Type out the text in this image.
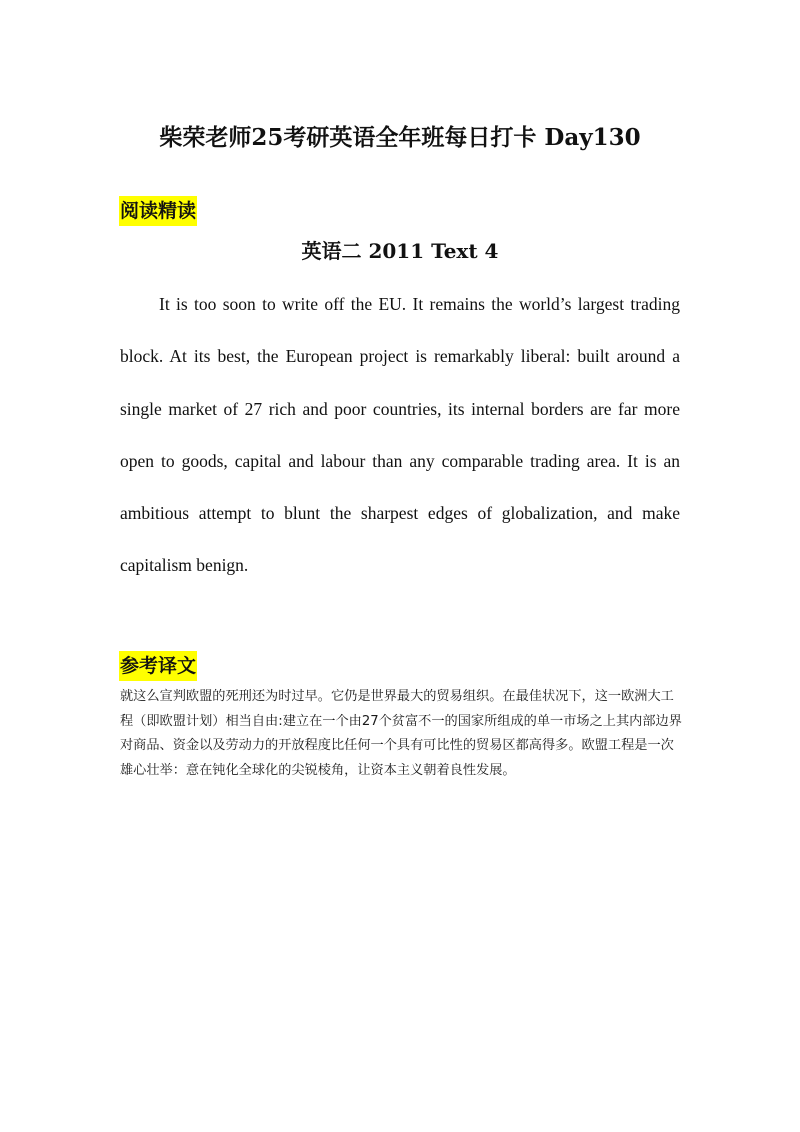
柴荣老师25考研英语全年班每日打卡 Day130
阅读精读
英语二 2011 Text 4

It is too soon to write off the EU. It remains the world’s largest trading block. At its best, the European project is remarkably liberal: built around a single market of 27 rich and poor countries, its internal borders are far more open to goods, capital and labour than any comparable trading area. It is an ambitious attempt to blunt the sharpest edges of globalization, and make capitalism benign.

参考译文

就这么宣判欧盟的死刑还为时过早。它仍是世界最大的贸易组织。在最佳状况下，这一欧洲大工程（即欧盟计划）相当自由:建立在一个由27个贫富不一的国家所组成的单一市场之上其内部边界对商品、资金以及劳动力的开放程度比任何一个具有可比性的贸易区都高得多。欧盟工程是一次雄心壮举：意在钝化全球化的尖锐棱角，让资本主义朝着良性发展。
